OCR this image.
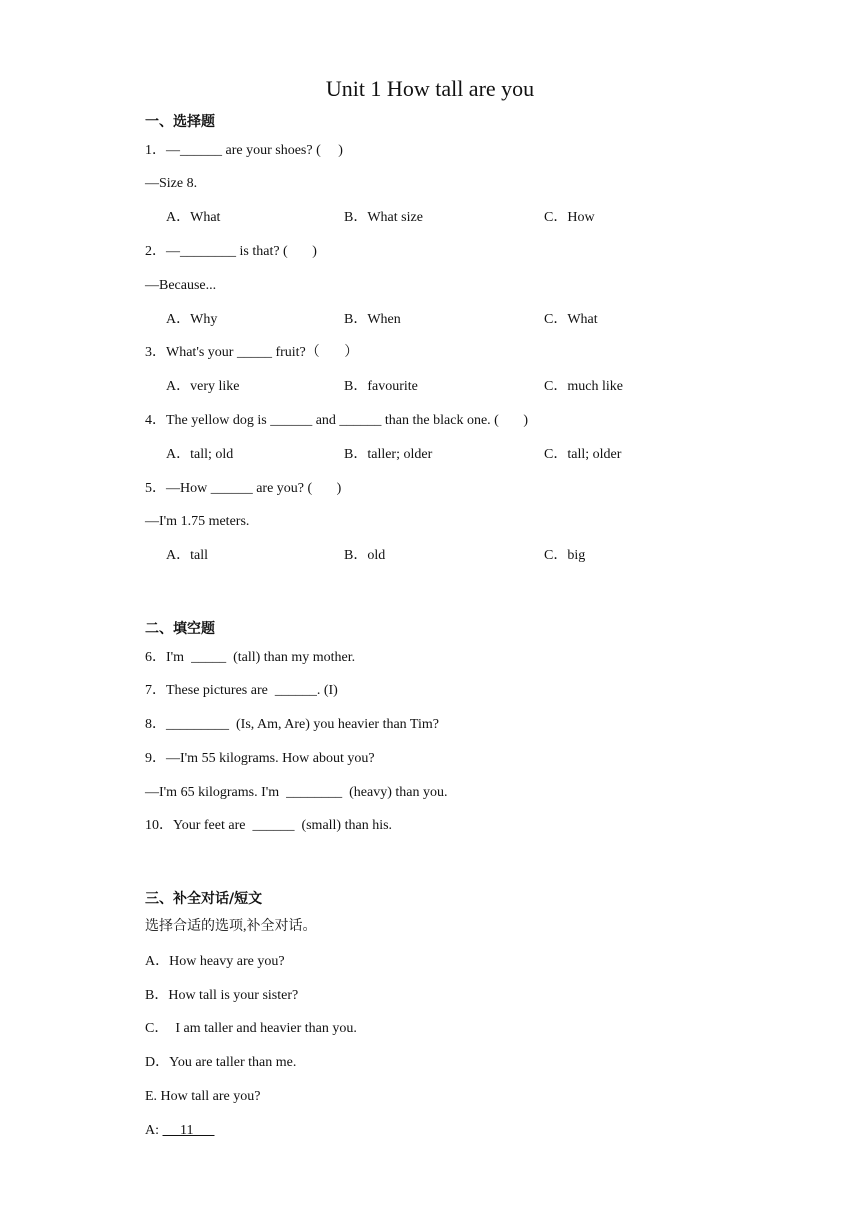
Unit 1 How tall are you
一、选择题
1．—______ are your shoes? (     )
—Size 8.
A．What	B．What size	C．How
2．—________ is that? (       )
—Because...
A．Why	B．When	C．What
3．What's your _____ fruit?（       ）
A．very like	B．favourite	C．much like
4．The yellow dog is ______ and ______ than the black one. (       )
A．tall; old	B．taller; older	C．tall; older
5．—How ______ are you? (       )
—I'm 1.75 meters.
A．tall	B．old	C．big
二、填空题
6．I'm  _____  (tall) than my mother.
7．These pictures are  ______. (I)
8．_________  (Is, Am, Are) you heavier than Tim?
9．—I'm 55 kilograms. How about you?
—I'm 65 kilograms. I'm  ________  (heavy) than you.
10．Your feet are  ______  (small) than his.
三、补全对话/短文
选择合适的选项,补全对话。
A．How heavy are you?
B．How tall is your sister?
C．  I am taller and heavier than you.
D．You are taller than me.
E. How tall are you?
A:      11
